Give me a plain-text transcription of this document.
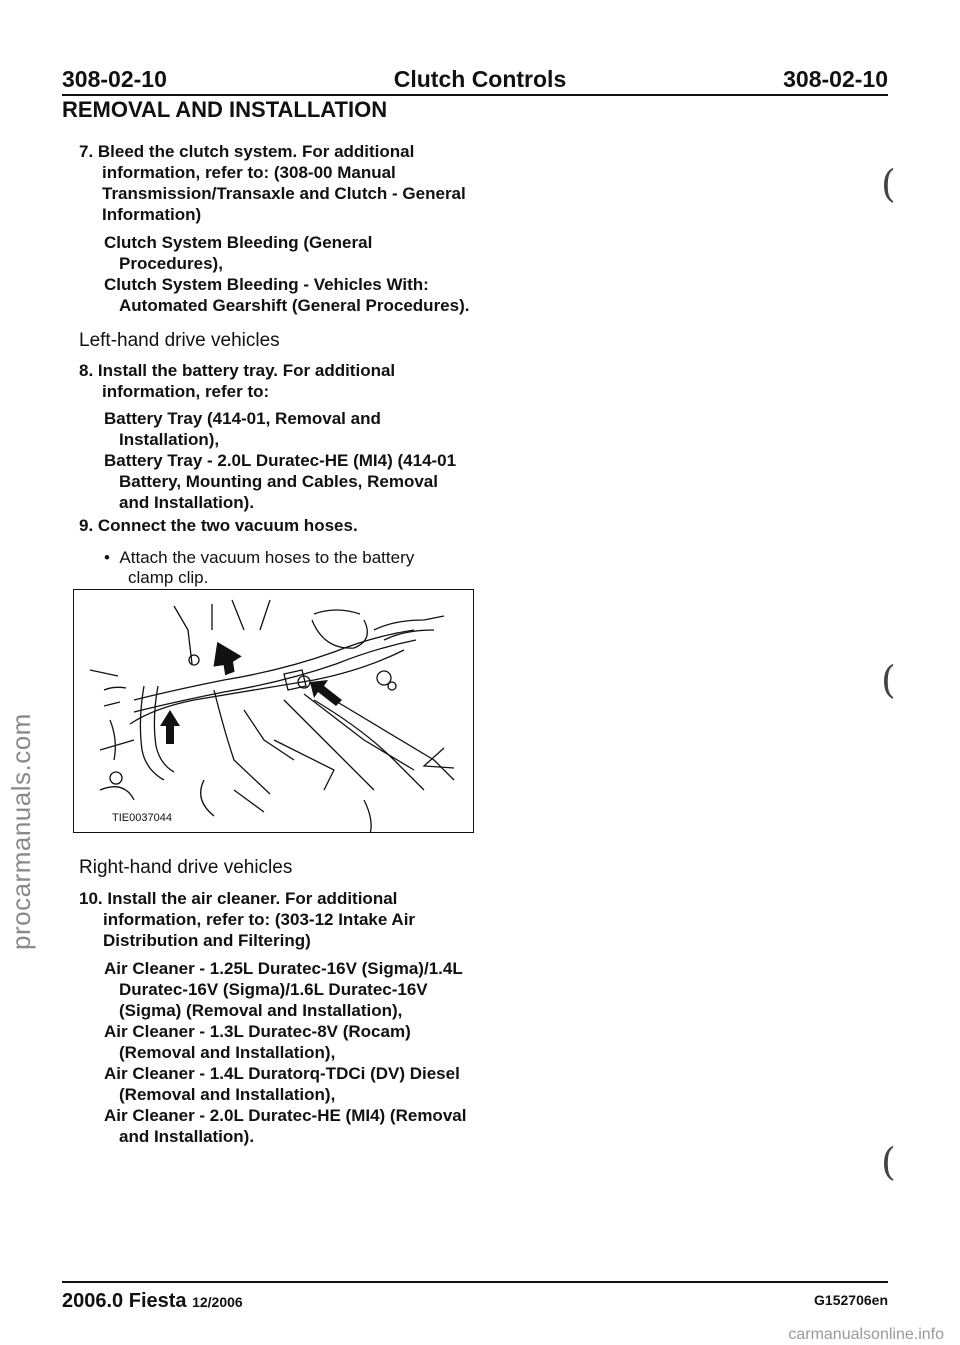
308-02-10	Clutch Controls	308-02-10
REMOVAL AND INSTALLATION
7. Bleed the clutch system. For additional
information, refer to: (308-00 Manual
Transmission/Transaxle and Clutch - General
Information)
Clutch System Bleeding (General
Procedures),
Clutch System Bleeding - Vehicles With:
Automated Gearshift (General Procedures).
Left-hand drive vehicles
8. Install the battery tray. For additional
information, refer to:
Battery Tray (414-01, Removal and
Installation),
Battery Tray - 2.0L Duratec-HE (MI4) (414-01
Battery, Mounting and Cables, Removal
and Installation).
9. Connect the two vacuum hoses.
•  Attach the vacuum hoses to the battery
clamp clip.
TIE0037044
Right-hand drive vehicles
10. Install the air cleaner. For additional
information, refer to: (303-12 Intake Air
Distribution and Filtering)
Air Cleaner - 1.25L Duratec-16V (Sigma)/1.4L
Duratec-16V (Sigma)/1.6L Duratec-16V
(Sigma) (Removal and Installation),
Air Cleaner - 1.3L Duratec-8V (Rocam)
(Removal and Installation),
Air Cleaner - 1.4L Duratorq-TDCi (DV) Diesel
(Removal and Installation),
Air Cleaner - 2.0L Duratec-HE (MI4) (Removal
and Installation).
(
(
(
procarmanuals.com
2006.0 Fiesta 12/2006	G152706en
carmanualsonline.info
